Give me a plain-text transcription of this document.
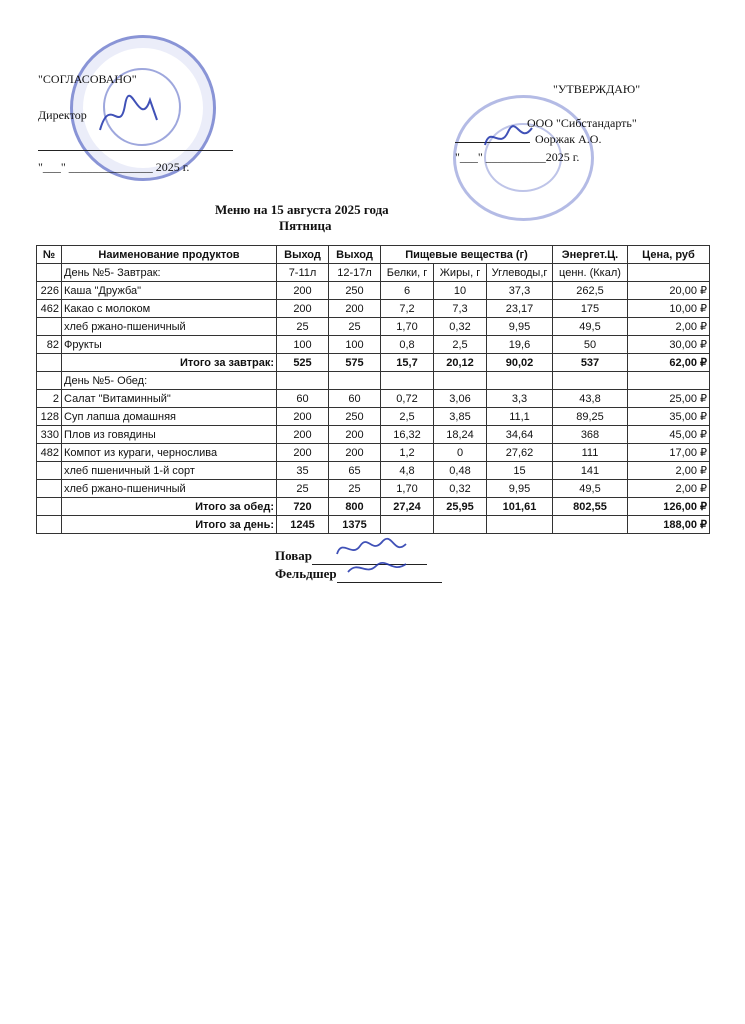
"СОГЛАСОВАНО"
Директор
"___" ______________ 2025 г.
"УТВЕРЖДАЮ"
ООО "Сибстандарть"
Ооржак А.О.
"___" __________2025 г.
Меню на 15 августа 2025 года
Пятница
№	Наименование продуктов	Выход	Выход	Пищевые вещества (г)			Энергет.Ц.	Цена, руб
	День №5- Завтрак:	7-11л	12-17л	Белки, г	Жиры, г	Углеводы,г	ценн. (Ккал)	
226	Каша "Дружба"	200	250	6	10	37,3	262,5	20,00 ₽
462	Какао с молоком	200	200	7,2	7,3	23,17	175	10,00 ₽
	хлеб ржано-пшеничный	25	25	1,70	0,32	9,95	49,5	2,00 ₽
82	Фрукты	100	100	0,8	2,5	19,6	50	30,00 ₽
	Итого за завтрак:	525	575	15,7	20,12	90,02	537	62,00 ₽
	День №5- Обед:							
2	Салат "Витаминный"	60	60	0,72	3,06	3,3	43,8	25,00 ₽
128	Суп лапша домашняя	200	250	2,5	3,85	11,1	89,25	35,00 ₽
330	Плов из говядины	200	200	16,32	18,24	34,64	368	45,00 ₽
482	Компот из кураги, чернослива	200	200	1,2	0	27,62	111	17,00 ₽
	хлеб пшеничный 1-й сорт	35	65	4,8	0,48	15	141	2,00 ₽
	хлеб ржано-пшеничный	25	25	1,70	0,32	9,95	49,5	2,00 ₽
	Итого за обед:	720	800	27,24	25,95	101,61	802,55	126,00 ₽
	Итого за день:	1245	1375					188,00 ₽
Повар
Фельдшер
